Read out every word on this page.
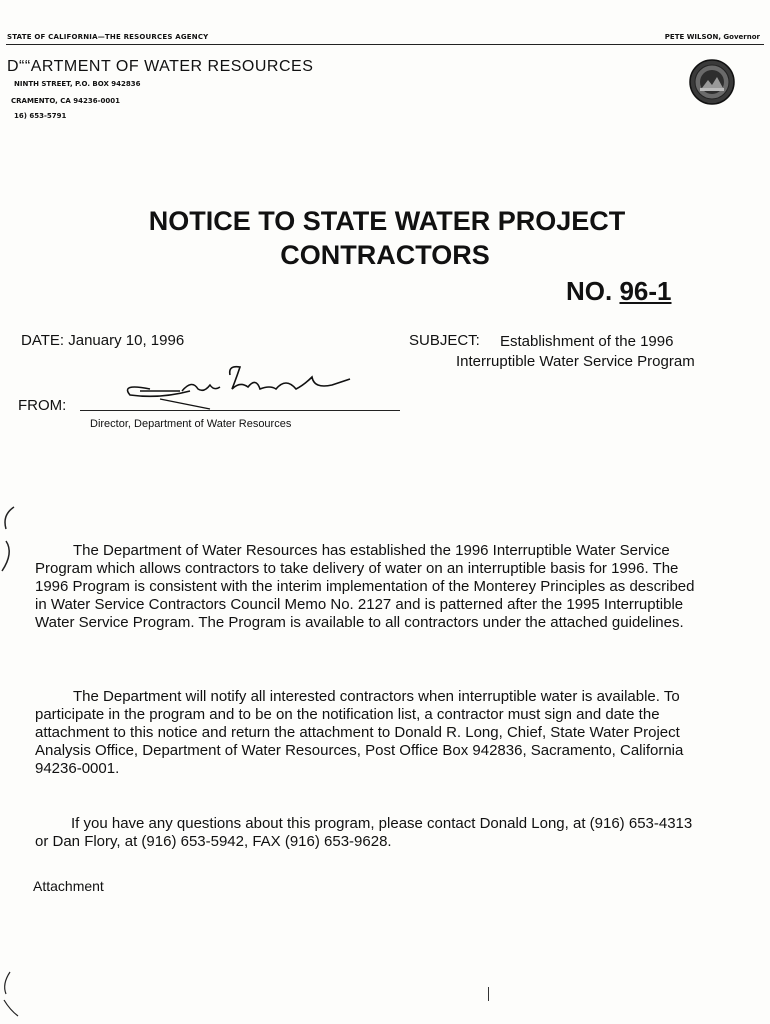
STATE OF CALIFORNIA—THE RESOURCES AGENCY	PETE WILSON, Governor
D““ARTMENT OF WATER RESOURCES
NINTH STREET, P.O. BOX 942836
CRAMENTO, CA 94236-0001
16) 653-5791
NOTICE TO STATE WATER PROJECT
CONTRACTORS
NO. 96-1
DATE: January 10, 1996	SUBJECT:	Establishment of the 1996
Interruptible Water Service Program
FROM:
Director, Department of Water Resources
The Department of Water Resources has established the 1996 Interruptible Water Service Program which allows contractors to take delivery of water on an interruptible basis for 1996. The 1996 Program is consistent with the interim implementation of the Monterey Principles as described in Water Service Contractors Council Memo No. 2127 and is patterned after the 1995 Interruptible Water Service Program. The Program is available to all contractors under the attached guidelines.
The Department will notify all interested contractors when interruptible water is available. To participate in the program and to be on the notification list, a contractor must sign and date the attachment to this notice and return the attachment to Donald R. Long, Chief, State Water Project Analysis Office, Department of Water Resources, Post Office Box 942836, Sacramento, California 94236-0001.
If you have any questions about this program, please contact Donald Long, at (916) 653-4313 or Dan Flory, at (916) 653-5942, FAX (916) 653-9628.
Attachment
